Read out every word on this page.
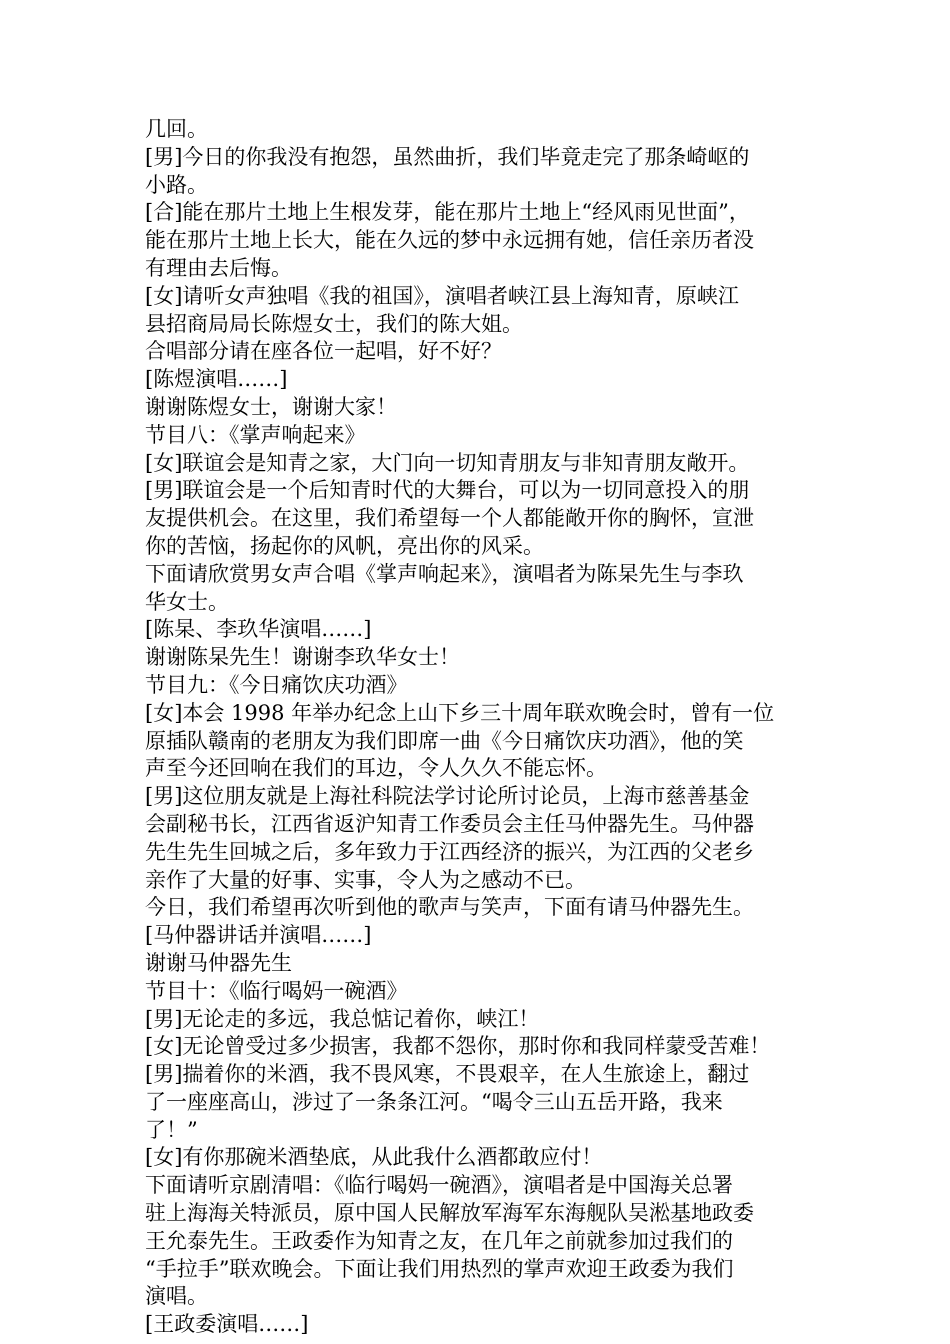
几回。
[男]今日的你我没有抱怨，虽然曲折，我们毕竟走完了那条崎岖的
小路。
[合]能在那片土地上生根发芽，能在那片土地上“经风雨见世面”，
能在那片土地上长大，能在久远的梦中永远拥有她，信任亲历者没
有理由去后悔。
[女]请听女声独唱《我的祖国》，演唱者峡江县上海知青，原峡江
县招商局局长陈煜女士，我们的陈大姐。
合唱部分请在座各位一起唱，好不好？
[陈煜演唱……]
谢谢陈煜女士，谢谢大家！
节目八：《掌声响起来》
[女]联谊会是知青之家，大门向一切知青朋友与非知青朋友敞开。
[男]联谊会是一个后知青时代的大舞台，可以为一切同意投入的朋
友提供机会。在这里，我们希望每一个人都能敞开你的胸怀，宣泄
你的苦恼，扬起你的风帆，亮出你的风采。
下面请欣赏男女声合唱《掌声响起来》，演唱者为陈杲先生与李玖
华女士。
[陈杲、李玖华演唱……]
谢谢陈杲先生！谢谢李玖华女士！
节目九：《今日痛饮庆功酒》
[女]本会 1998 年举办纪念上山下乡三十周年联欢晚会时，曾有一位
原插队赣南的老朋友为我们即席一曲《今日痛饮庆功酒》，他的笑
声至今还回响在我们的耳边，令人久久不能忘怀。
[男]这位朋友就是上海社科院法学讨论所讨论员，上海市慈善基金
会副秘书长，江西省返沪知青工作委员会主任马仲器先生。马仲器
先生先生回城之后，多年致力于江西经济的振兴，为江西的父老乡
亲作了大量的好事、实事，令人为之感动不已。
今日，我们希望再次听到他的歌声与笑声，下面有请马仲器先生。
[马仲器讲话并演唱……]
谢谢马仲器先生
节目十：《临行喝妈一碗酒》
[男]无论走的多远，我总惦记着你，峡江！
[女]无论曾受过多少损害，我都不怨你，那时你和我同样蒙受苦难！
[男]揣着你的米酒，我不畏风寒，不畏艰辛，在人生旅途上，翻过
了一座座高山，涉过了一条条江河。“喝令三山五岳开路，我来
了！”
[女]有你那碗米酒垫底，从此我什么酒都敢应付！
下面请听京剧清唱：《临行喝妈一碗酒》，演唱者是中国海关总署
驻上海海关特派员，原中国人民解放军海军东海舰队吴淞基地政委
王允泰先生。王政委作为知青之友，在几年之前就参加过我们的
“手拉手”联欢晚会。下面让我们用热烈的掌声欢迎王政委为我们
演唱。
[王政委演唱……]
